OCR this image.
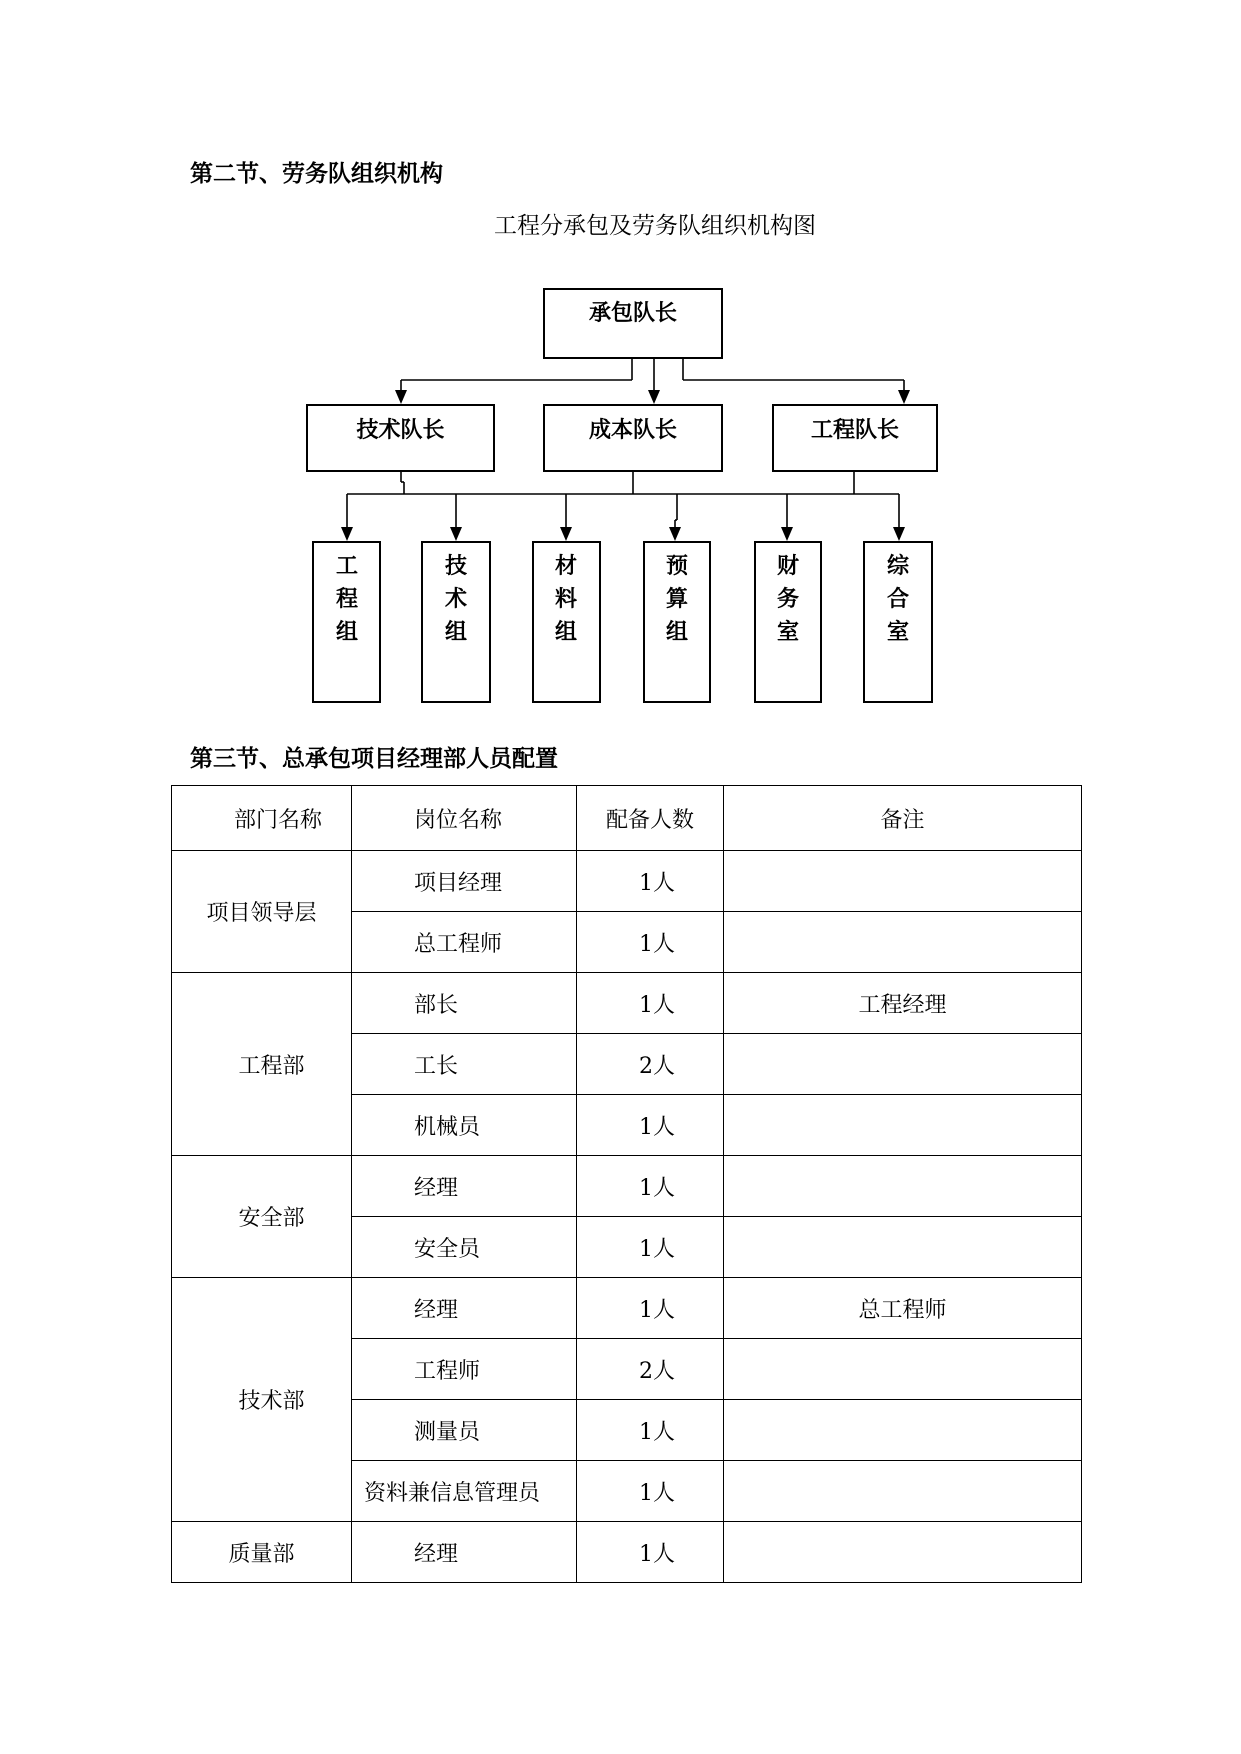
第二节、劳务队组织机构
工程分承包及劳务队组织机构图
承包队长
技术队长	成本队长	工程队长
工程组
技术组
材料组
预算组
财务室
综合室
第三节、总承包项目经理部人员配置
部门名称	岗位名称	配备人数	备注
项目领导层	项目经理	1人	
	总工程师	1人	
工程部	部长	1人	工程经理
	工长	2人	
	机械员	1人	
安全部	经理	1人	
	安全员	1人	
技术部	经理	1人	总工程师
	工程师	2人	
	测量员	1人	
	资料兼信息管理员	1人	
质量部	经理	1人	
